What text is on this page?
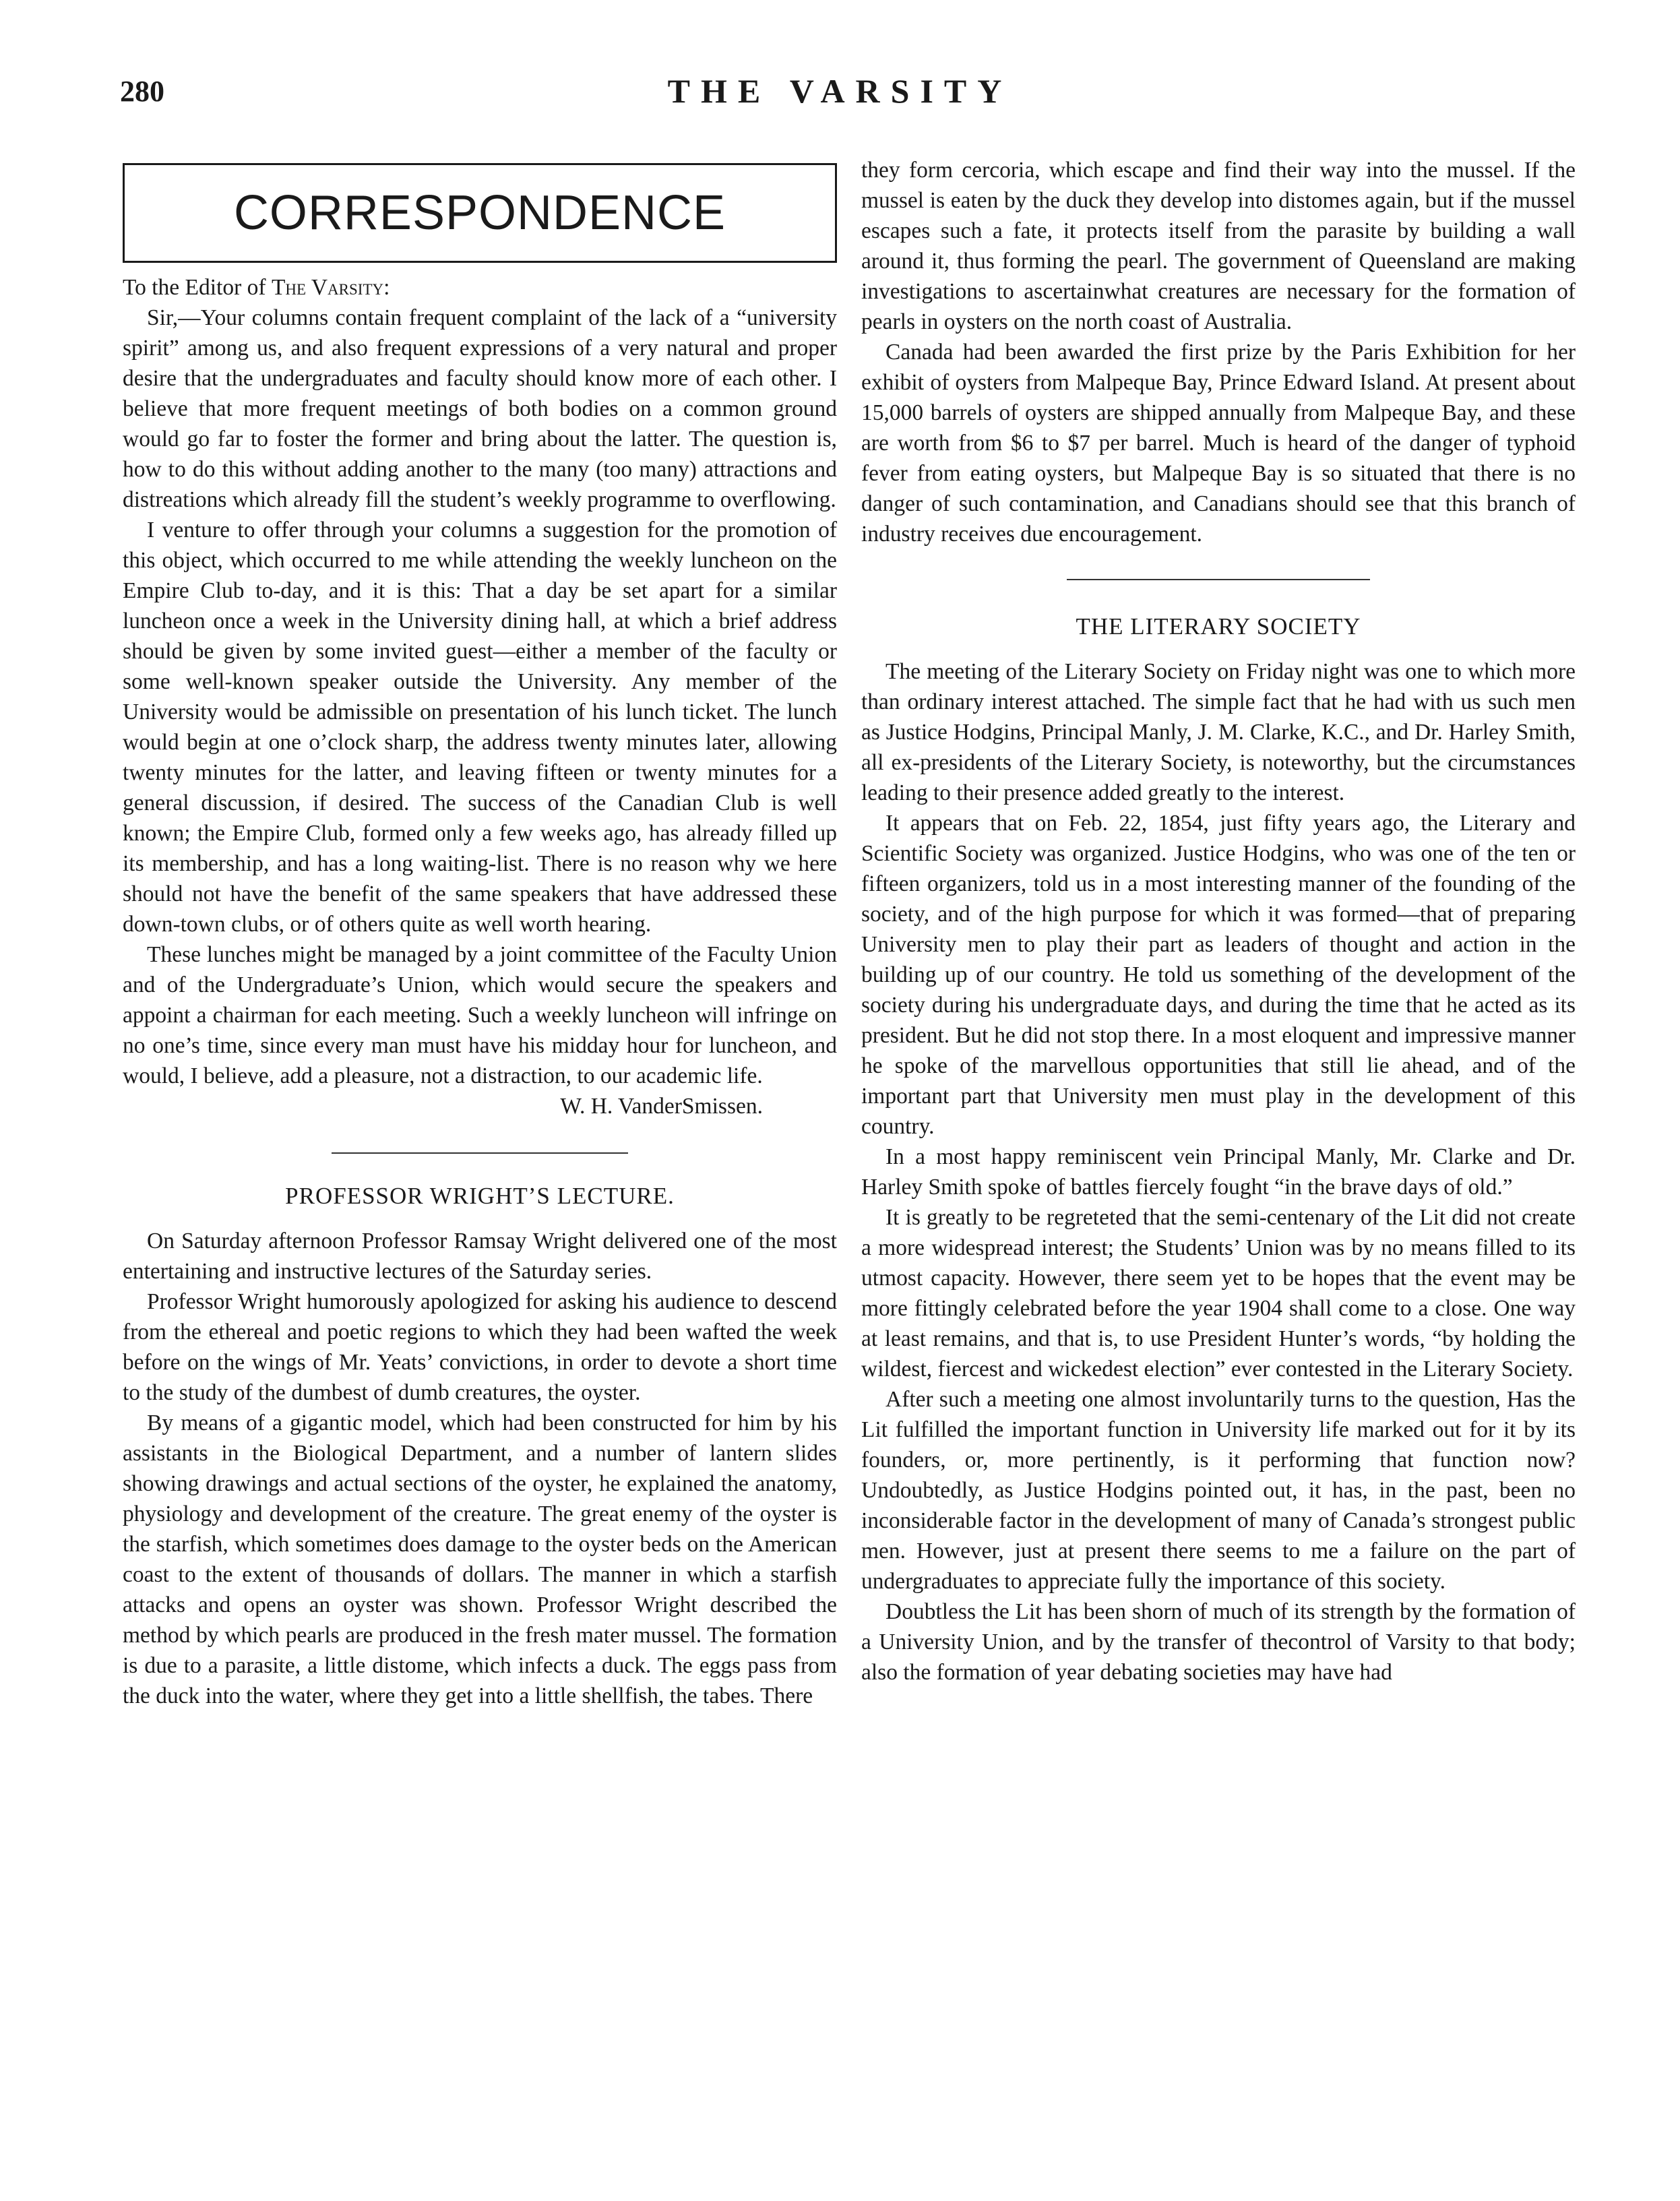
280	THE VARSITY
CORRESPONDENCE

To the Editor of The Varsity:

Sir,—Your columns contain frequent complaint of the lack of a “university spirit” among us, and also frequent expressions of a very natural and proper desire that the undergraduates and faculty should know more of each other. I believe that more frequent meetings of both bodies on a common ground would go far to foster the former and bring about the latter. The question is, how to do this without adding another to the many (too many) attractions and distreations which already fill the student’s weekly programme to overflowing.

I venture to offer through your columns a suggestion for the promotion of this object, which occurred to me while attending the weekly luncheon on the Empire Club to-day, and it is this: That a day be set apart for a similar luncheon once a week in the University dining hall, at which a brief address should be given by some invited guest—either a member of the faculty or some well-known speaker outside the University. Any member of the University would be admissible on presentation of his lunch ticket. The lunch would begin at one o’clock sharp, the address twenty minutes later, allowing twenty minutes for the latter, and leaving fifteen or twenty minutes for a general discussion, if desired. The success of the Canadian Club is well known; the Empire Club, formed only a few weeks ago, has already filled up its membership, and has a long waiting-list. There is no reason why we here should not have the benefit of the same speakers that have addressed these down-town clubs, or of others quite as well worth hearing.

These lunches might be managed by a joint committee of the Faculty Union and of the Undergraduate’s Union, which would secure the speakers and appoint a chairman for each meeting. Such a weekly luncheon will infringe on no one’s time, since every man must have his midday hour for luncheon, and would, I believe, add a pleasure, not a distraction, to our academic life.

W. H. VanderSmissen.

PROFESSOR WRIGHT’S LECTURE.

On Saturday afternoon Professor Ramsay Wright delivered one of the most entertaining and instructive lectures of the Saturday series.

Professor Wright humorously apologized for asking his audience to descend from the ethereal and poetic regions to which they had been wafted the week before on the wings of Mr. Yeats’ convictions, in order to devote a short time to the study of the dumbest of dumb creatures, the oyster.

By means of a gigantic model, which had been constructed for him by his assistants in the Biological Department, and a number of lantern slides showing drawings and actual sections of the oyster, he explained the anatomy, physiology and development of the creature. The great enemy of the oyster is the starfish, which sometimes does damage to the oyster beds on the American coast to the extent of thousands of dollars. The manner in which a starfish attacks and opens an oyster was shown. Professor Wright described the method by which pearls are produced in the fresh mater mussel. The formation is due to a parasite, a little distome, which infects a duck. The eggs pass from the duck into the water, where they get into a little shellfish, the tabes. There

they form cercoria, which escape and find their way into the mussel. If the mussel is eaten by the duck they develop into distomes again, but if the mussel escapes such a fate, it protects itself from the parasite by building a wall around it, thus forming the pearl. The government of Queensland are making investigations to ascertainwhat creatures are necessary for the formation of pearls in oysters on the north coast of Australia.

Canada had been awarded the first prize by the Paris Exhibition for her exhibit of oysters from Malpeque Bay, Prince Edward Island. At present about 15,000 barrels of oysters are shipped annually from Malpeque Bay, and these are worth from $6 to $7 per barrel. Much is heard of the danger of typhoid fever from eating oysters, but Malpeque Bay is so situated that there is no danger of such contamination, and Canadians should see that this branch of industry receives due encouragement.

THE LITERARY SOCIETY

The meeting of the Literary Society on Friday night was one to which more than ordinary interest attached. The simple fact that he had with us such men as Justice Hodgins, Principal Manly, J. M. Clarke, K.C., and Dr. Harley Smith, all ex-presidents of the Literary Society, is noteworthy, but the circumstances leading to their presence added greatly to the interest.

It appears that on Feb. 22, 1854, just fifty years ago, the Literary and Scientific Society was organized. Justice Hodgins, who was one of the ten or fifteen organizers, told us in a most interesting manner of the founding of the society, and of the high purpose for which it was formed—that of preparing University men to play their part as leaders of thought and action in the building up of our country. He told us something of the development of the society during his undergraduate days, and during the time that he acted as its president. But he did not stop there. In a most eloquent and impressive manner he spoke of the marvellous opportunities that still lie ahead, and of the important part that University men must play in the development of this country.

In a most happy reminiscent vein Principal Manly, Mr. Clarke and Dr. Harley Smith spoke of battles fiercely fought “in the brave days of old.”

It is greatly to be regreteted that the semi-centenary of the Lit did not create a more widespread interest; the Students’ Union was by no means filled to its utmost capacity. However, there seem yet to be hopes that the event may be more fittingly celebrated before the year 1904 shall come to a close. One way at least remains, and that is, to use President Hunter’s words, “by holding the wildest, fiercest and wickedest election” ever contested in the Literary Society.

After such a meeting one almost involuntarily turns to the question, Has the Lit fulfilled the important function in University life marked out for it by its founders, or, more pertinently, is it performing that function now? Undoubtedly, as Justice Hodgins pointed out, it has, in the past, been no inconsiderable factor in the development of many of Canada’s strongest public men. However, just at present there seems to me a failure on the part of undergraduates to appreciate fully the importance of this society.

Doubtless the Lit has been shorn of much of its strength by the formation of a University Union, and by the transfer of thecontrol of Varsity to that body; also the formation of year debating societies may have had
